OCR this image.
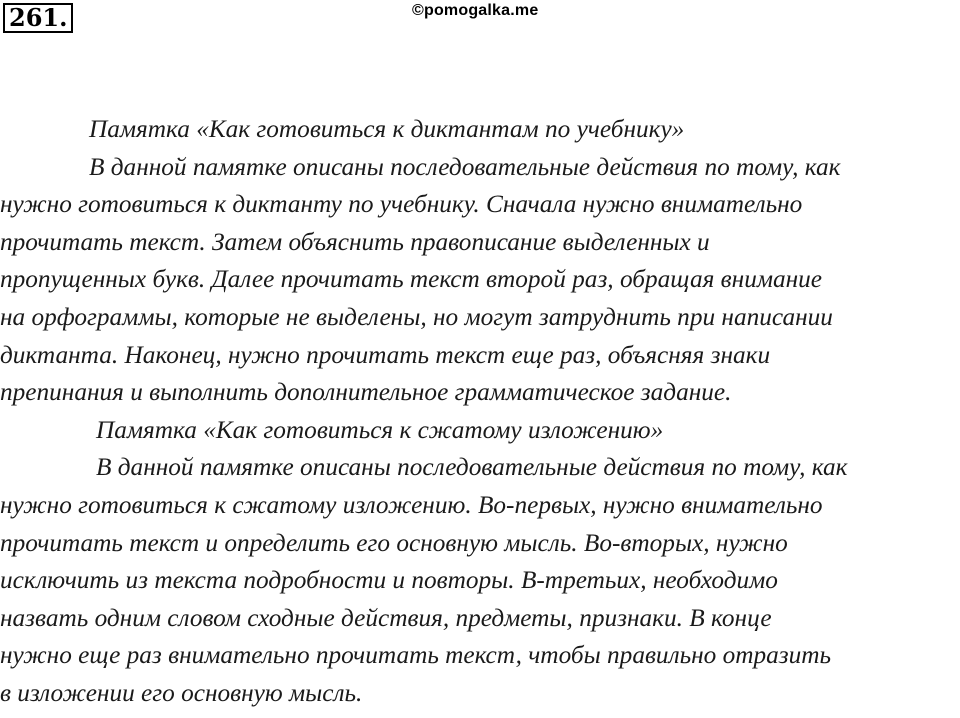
261.	©pomogalka.me
Памятка «Как готовиться к диктантам по учебнику»
В данной памятке описаны последовательные действия по тому, как
нужно готовиться к диктанту по учебнику. Сначала нужно внимательно
прочитать текст. Затем объяснить правописание выделенных и
пропущенных букв. Далее прочитать текст второй раз, обращая внимание
на орфограммы, которые не выделены, но могут затруднить при написании
диктанта. Наконец, нужно прочитать текст еще раз, объясняя знаки
препинания и выполнить дополнительное грамматическое задание.
Памятка «Как готовиться к сжатому изложению»
В данной памятке описаны последовательные действия по тому, как
нужно готовиться к сжатому изложению. Во-первых, нужно внимательно
прочитать текст и определить его основную мысль. Во-вторых, нужно
исключить из текста подробности и повторы. В-третьих, необходимо
назвать одним словом сходные действия, предметы, признаки. В конце
нужно еще раз внимательно прочитать текст, чтобы правильно отразить
в изложении его основную мысль.
